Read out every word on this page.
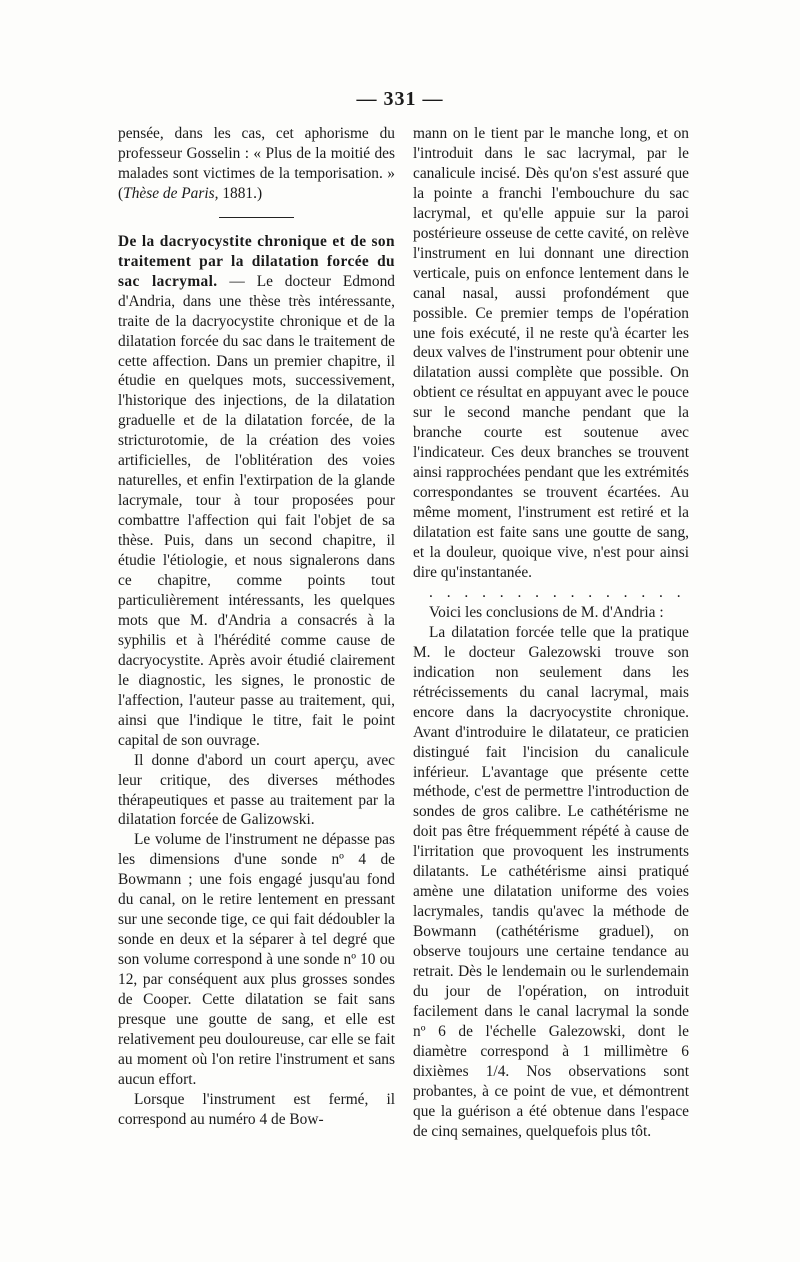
— 331 —

pensée, dans les cas, cet aphorisme du professeur Gosselin : « Plus de la moitié des malades sont victimes de la temporisation. » (Thèse de Paris, 1881.)

De la dacryocystite chronique et de son traitement par la dilatation forcée du sac lacrymal. — Le docteur Edmond d'Andria, dans une thèse très intéressante, traite de la dacryocystite chronique et de la dilatation forcée du sac dans le traitement de cette affection. Dans un premier chapitre, il étudie en quelques mots, successivement, l'historique des injections, de la dilatation graduelle et de la dilatation forcée, de la stricturotomie, de la création des voies artificielles, de l'oblitération des voies naturelles, et enfin l'extirpation de la glande lacrymale, tour à tour proposées pour combattre l'affection qui fait l'objet de sa thèse. Puis, dans un second chapitre, il étudie l'étiologie, et nous signalerons dans ce chapitre, comme points tout particulièrement intéressants, les quelques mots que M. d'Andria a consacrés à la syphilis et à l'hérédité comme cause de dacryocystite. Après avoir étudié clairement le diagnostic, les signes, le pronostic de l'affection, l'auteur passe au traitement, qui, ainsi que l'indique le titre, fait le point capital de son ouvrage.

Il donne d'abord un court aperçu, avec leur critique, des diverses méthodes thérapeutiques et passe au traitement par la dilatation forcée de Galizowski.

Le volume de l'instrument ne dépasse pas les dimensions d'une sonde nº 4 de Bowmann ; une fois engagé jusqu'au fond du canal, on le retire lentement en pressant sur une seconde tige, ce qui fait dédoubler la sonde en deux et la séparer à tel degré que son volume correspond à une sonde nº 10 ou 12, par conséquent aux plus grosses sondes de Cooper. Cette dilatation se fait sans presque une goutte de sang, et elle est relativement peu douloureuse, car elle se fait au moment où l'on retire l'instrument et sans aucun effort.

Lorsque l'instrument est fermé, il correspond au numéro 4 de Bow-

mann on le tient par le manche long, et on l'introduit dans le sac lacrymal, par le canalicule incisé. Dès qu'on s'est assuré que la pointe a franchi l'embouchure du sac lacrymal, et qu'elle appuie sur la paroi postérieure osseuse de cette cavité, on relève l'instrument en lui donnant une direction verticale, puis on enfonce lentement dans le canal nasal, aussi profondément que possible. Ce premier temps de l'opération une fois exécuté, il ne reste qu'à écarter les deux valves de l'instrument pour obtenir une dilatation aussi complète que possible. On obtient ce résultat en appuyant avec le pouce sur le second manche pendant que la branche courte est soutenue avec l'indicateur. Ces deux branches se trouvent ainsi rapprochées pendant que les extrémités correspondantes se trouvent écartées. Au même moment, l'instrument est retiré et la dilatation est faite sans une goutte de sang, et la douleur, quoique vive, n'est pour ainsi dire qu'instantanée.

. . . . . . . . . . . . . . .

Voici les conclusions de M. d'Andria :

La dilatation forcée telle que la pratique M. le docteur Galezowski trouve son indication non seulement dans les rétrécissements du canal lacrymal, mais encore dans la dacryocystite chronique. Avant d'introduire le dilatateur, ce praticien distingué fait l'incision du canalicule inférieur. L'avantage que présente cette méthode, c'est de permettre l'introduction de sondes de gros calibre. Le cathétérisme ne doit pas être fréquemment répété à cause de l'irritation que provoquent les instruments dilatants. Le cathétérisme ainsi pratiqué amène une dilatation uniforme des voies lacrymales, tandis qu'avec la méthode de Bowmann (cathétérisme graduel), on observe toujours une certaine tendance au retrait. Dès le lendemain ou le surlendemain du jour de l'opération, on introduit facilement dans le canal lacrymal la sonde nº 6 de l'échelle Galezowski, dont le diamètre correspond à 1 millimètre 6 dixièmes 1/4. Nos observations sont probantes, à ce point de vue, et démontrent que la guérison a été obtenue dans l'espace de cinq semaines, quelquefois plus tôt.
